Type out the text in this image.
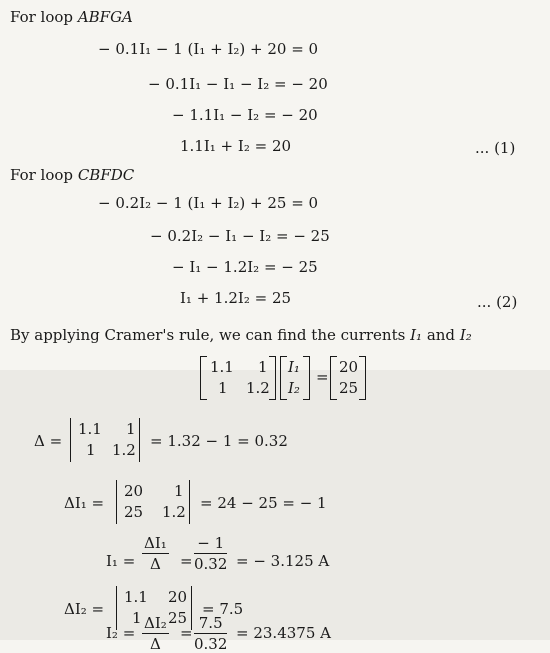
For loop ABFGA
− 0.1I₁ − 1 (I₁ + I₂) + 20 = 0
− 0.1I₁ − I₁ − I₂ = − 20
− 1.1I₁ − I₂ = − 20
1.1I₁ + I₂ = 20	... (1)
For loop CBFDC
− 0.2I₂ − 1 (I₁ + I₂) + 25 = 0
− 0.2I₂ − I₁ − I₂ = − 25
− I₁ − 1.2I₂ = − 25
I₁ + 1.2I₂ = 25	... (2)
By applying Cramer's rule, we can find the currents I₁ and I₂
1.1 1
1 1.2
I₁
I₂
=
20
25
Δ =
1.1 1
1 1.2 = 1.32 − 1 = 0.32
ΔI₁ =
20 1
25 1.2 = 24 − 25 = − 1
$I_1 = \frac{\text{ΔI₁}}{\Delta} = \frac{- 1}{0.32}$ = − 3.125 A
ΔI₂ =
1.1 20
1 25 = 7.5
$I_2 = \frac{\text{ΔI₂}}{\Delta} = \frac{7.5}{0.32} = 23.4375$ A
